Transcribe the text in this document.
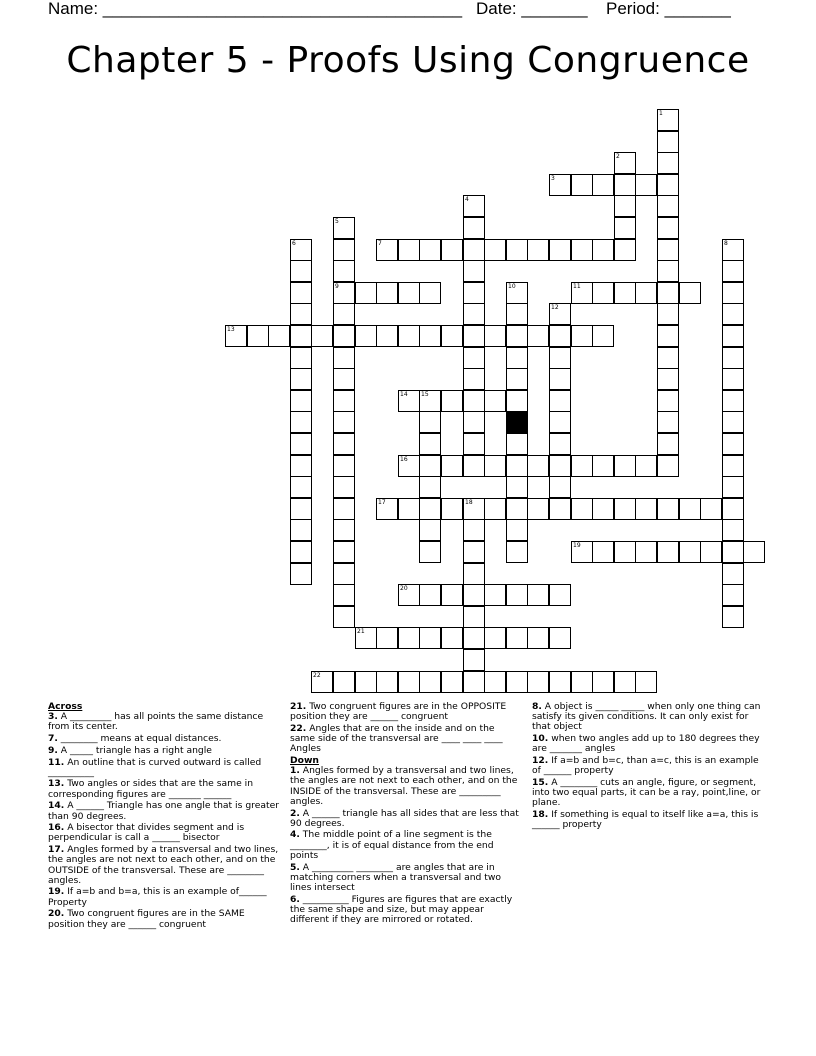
Name: ______________________________________ Date: _______ Period: _______
Chapter 5 - Proofs Using Congruence
1
2
3
4
5
9
6	7	8
10	11
12
13
14 15
16
17	18
19
20
21
22
Across
3. A _________ has all points the same distance from its center.
7. ________ means at equal distances.
9. A _____ triangle has a right angle
11. An outline that is curved outward is called __________
13. Two angles or sides that are the same in corresponding figures are _______ ______
14. A ______ Triangle has one angle that is greater than 90 degrees.
16. A bisector that divides segment and is perpendicular is call a ______ bisector
17. Angles formed by a transversal and two lines, the angles are not next to each other, and on the OUTSIDE of the transversal. These are ________ angles.
19. If a=b and b=a, this is an example of______ Property
20. Two congruent figures are in the SAME position they are ______ congruent
21. Two congruent figures are in the OPPOSITE position they are ______ congruent
22. Angles that are on the inside and on the same side of the transversal are ____ ____ ____ Angles
Down
1. Angles formed by a transversal and two lines, the angles are not next to each other, and on the INSIDE of the transversal. These are _________ angles.
2. A ______ triangle has all sides that are less that 90 degrees.
4. The middle point of a line segment is the ________, it is of equal distance from the end points
5. A _________ ________ are angles that are in matching corners when a transversal and two lines intersect
6. __________ Figures are figures that are exactly the same shape and size, but may appear different if they are mirrored or rotated.
8. A object is _____ _____ when only one thing can satisfy its given conditions. It can only exist for that object
10. when two angles add up to 180 degrees they are _______ angles
12. If a=b and b=c, than a=c, this is an example of ______ property
15. A ________ cuts an angle, figure, or segment, into two equal parts, it can be a ray, point,line, or plane.
18. If something is equal to itself like a=a, this is ______ property
